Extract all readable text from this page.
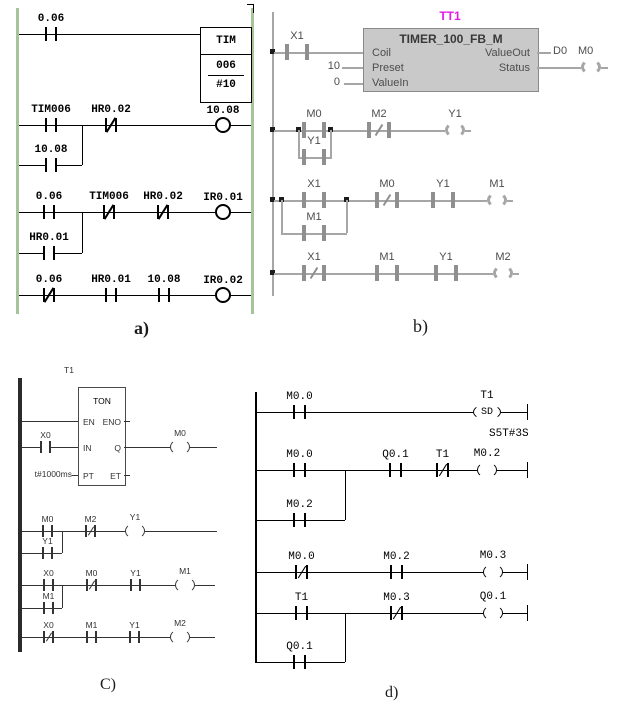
0.06
TIM
006
#10
TIM006 HR0.02	10.08
10.08
0.06 TIM006 HR0.02 IR0.01
HR0.01
0.06	HR0.01 10.08 IR0.02
a)
X1
TT1
TIMER_100_FB_M
Coil
Preset
ValueIn
ValueOut
Status
10
0
D0 M0
M0
Y1
M2	Y1
X1
M1
M0	Y1	M1
X1	M1	Y1	M2
b)
T1
TON
EN ENO
IN	Q
PT ET
X0
t#1000ms
M0
M0
Y1
M2	Y1
X0
M1
M0	Y1	M1
X0	M1	Y1	M2
C)
M0.0	T1
SD
S5T#3S
M0.0
M0.2
Q0.1 T1 M0.2
M0.0	M0.2	M0.3
T1
Q0.1
M0.3	Q0.1
d)
